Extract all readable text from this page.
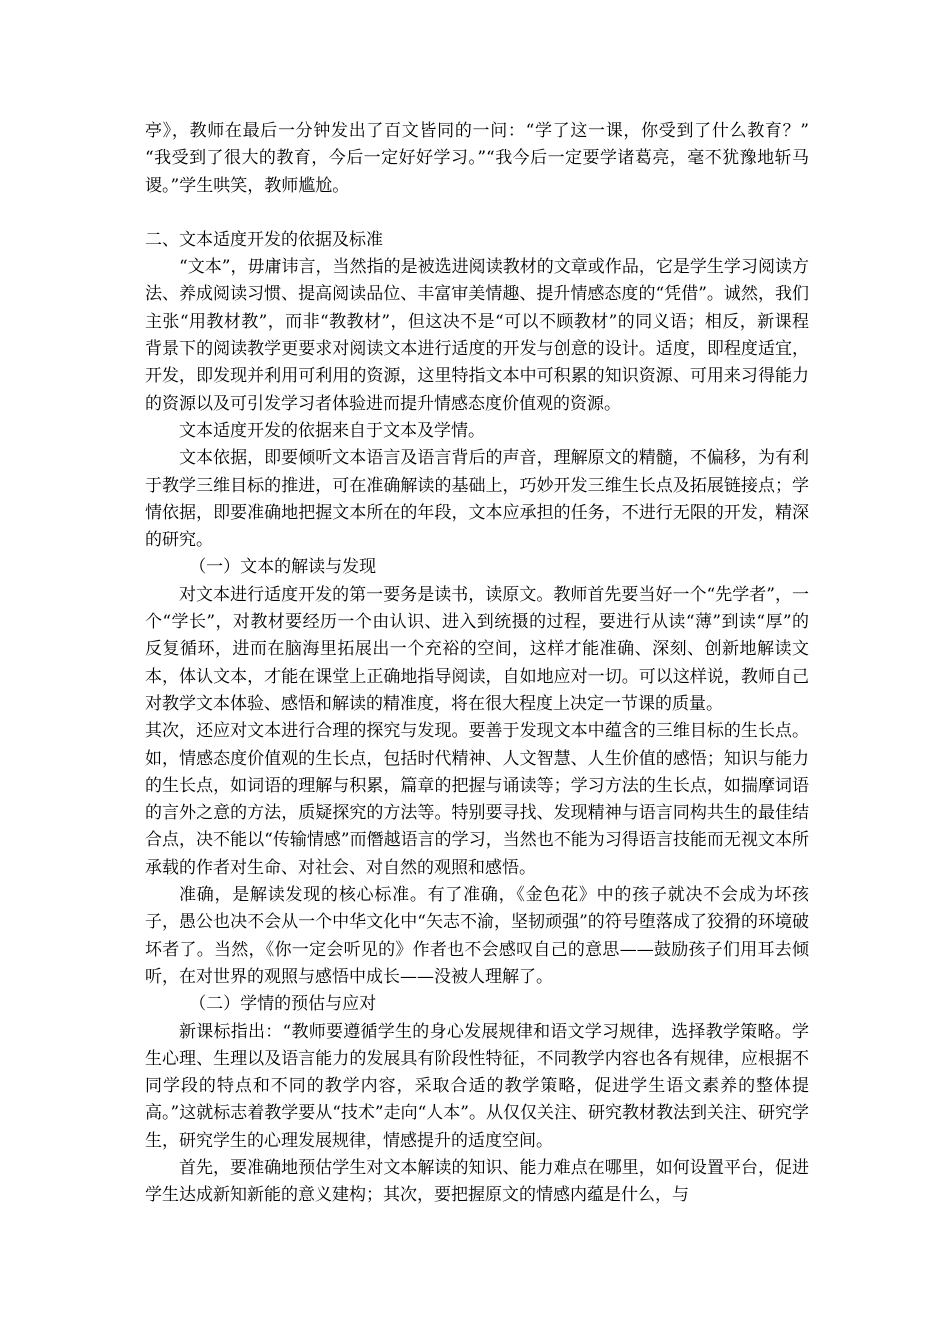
亭》，教师在最后一分钟发出了百文皆同的一问：“学了这一课，你受到了什么教育？” “我受到了很大的教育，今后一定好好学习。”“我今后一定要学诸葛亮，毫不犹豫地斩马谡。”学生哄笑，教师尴尬。

二、文本适度开发的依据及标准

“文本”，毋庸讳言，当然指的是被选进阅读教材的文章或作品，它是学生学习阅读方法、养成阅读习惯、提高阅读品位、丰富审美情趣、提升情感态度的“凭借”。诚然，我们主张“用教材教”，而非“教教材”，但这决不是“可以不顾教材”的同义语；相反，新课程背景下的阅读教学更要求对阅读文本进行适度的开发与创意的设计。适度，即程度适宜，开发，即发现并利用可利用的资源，这里特指文本中可积累的知识资源、可用来习得能力的资源以及可引发学习者体验进而提升情感态度价值观的资源。

文本适度开发的依据来自于文本及学情。

文本依据，即要倾听文本语言及语言背后的声音，理解原文的精髓，不偏移，为有利于教学三维目标的推进，可在准确解读的基础上，巧妙开发三维生长点及拓展链接点；学情依据，即要准确地把握文本所在的年段，文本应承担的任务，不进行无限的开发，精深的研究。

（一）文本的解读与发现

对文本进行适度开发的第一要务是读书，读原文。教师首先要当好一个“先学者”，一个“学长”，对教材要经历一个由认识、进入到统摄的过程，要进行从读“薄”到读“厚”的反复循环，进而在脑海里拓展出一个充裕的空间，这样才能准确、深刻、创新地解读文本，体认文本，才能在课堂上正确地指导阅读，自如地应对一切。可以这样说，教师自己对教学文本体验、感悟和解读的精准度，将在很大程度上决定一节课的质量。

其次，还应对文本进行合理的探究与发现。要善于发现文本中蕴含的三维目标的生长点。如，情感态度价值观的生长点，包括时代精神、人文智慧、人生价值的感悟；知识与能力的生长点，如词语的理解与积累，篇章的把握与诵读等；学习方法的生长点，如揣摩词语的言外之意的方法，质疑探究的方法等。特别要寻找、发现精神与语言同构共生的最佳结合点，决不能以“传输情感”而僭越语言的学习，当然也不能为习得语言技能而无视文本所承载的作者对生命、对社会、对自然的观照和感悟。

准确，是解读发现的核心标准。有了准确，《金色花》中的孩子就决不会成为坏孩子，愚公也决不会从一个中华文化中“矢志不渝，坚韧顽强”的符号堕落成了狡猾的环境破坏者了。当然，《你一定会听见的》作者也不会感叹自己的意思——鼓励孩子们用耳去倾听，在对世界的观照与感悟中成长——没被人理解了。

（二）学情的预估与应对

新课标指出：“教师要遵循学生的身心发展规律和语文学习规律，选择教学策略。学生心理、生理以及语言能力的发展具有阶段性特征，不同教学内容也各有规律，应根据不同学段的特点和不同的教学内容，采取合适的教学策略，促进学生语文素养的整体提高。”这就标志着教学要从“技术”走向“人本”。从仅仅关注、研究教材教法到关注、研究学生，研究学生的心理发展规律，情感提升的适度空间。

首先，要准确地预估学生对文本解读的知识、能力难点在哪里，如何设置平台，促进学生达成新知新能的意义建构；其次，要把握原文的情感内蕴是什么，与
